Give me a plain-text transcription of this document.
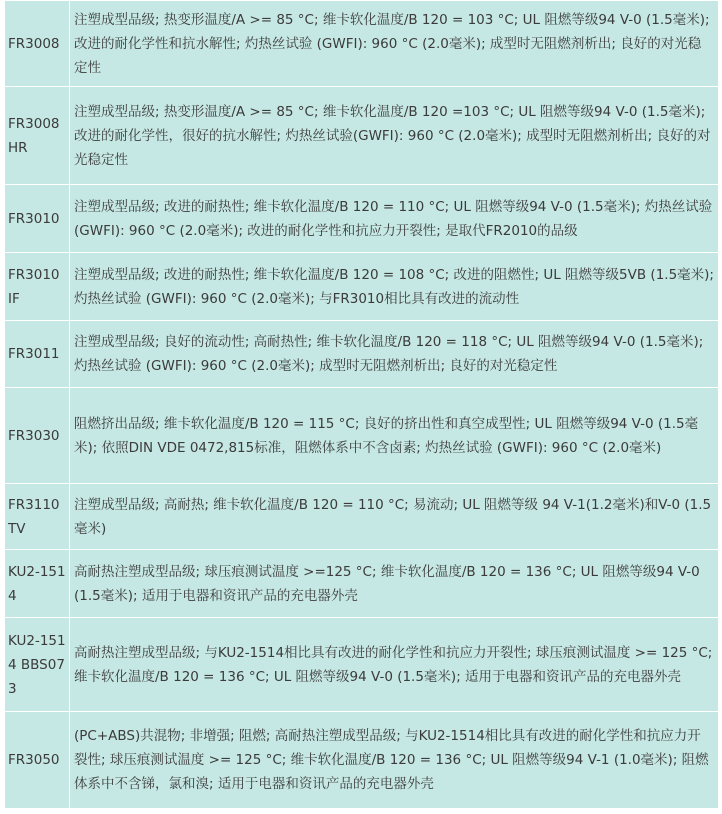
FR3008	注塑成型品级; 热变形温度/A >= 85 °C; 维卡软化温度/B 120 = 103 °C; UL 阻燃等级94 V-0 (1.5毫米); 改进的耐化学性和抗水解性; 灼热丝试验 (GWFI): 960 °C (2.0毫米); 成型时无阻燃剂析出; 良好的对光稳定性
FR3008 HR	注塑成型品级; 热变形温度/A >= 85 °C; 维卡软化温度/B 120 =103 °C; UL 阻燃等级94 V-0 (1.5毫米); 改进的耐化学性，很好的抗水解性; 灼热丝试验(GWFI): 960 °C (2.0毫米); 成型时无阻燃剂析出; 良好的对光稳定性
FR3010	注塑成型品级; 改进的耐热性; 维卡软化温度/B 120 = 110 °C; UL 阻燃等级94 V-0 (1.5毫米); 灼热丝试验 (GWFI): 960 °C (2.0毫米); 改进的耐化学性和抗应力开裂性; 是取代FR2010的品级
FR3010 IF	注塑成型品级; 改进的耐热性; 维卡软化温度/B 120 = 108 °C; 改进的阻燃性; UL 阻燃等级5VB (1.5毫米); 灼热丝试验 (GWFI): 960 °C (2.0毫米); 与FR3010相比具有改进的流动性
FR3011	注塑成型品级; 良好的流动性; 高耐热性; 维卡软化温度/B 120 = 118 °C; UL 阻燃等级94 V-0 (1.5毫米); 灼热丝试验 (GWFI): 960 °C (2.0毫米); 成型时无阻燃剂析出; 良好的对光稳定性
FR3030	阻燃挤出品级; 维卡软化温度/B 120 = 115 °C; 良好的挤出性和真空成型性; UL 阻燃等级94 V-0 (1.5毫米); 依照DIN VDE 0472,815标准，阻燃体系中不含卤素; 灼热丝试验 (GWFI): 960 °C (2.0毫米)
FR3110 TV	注塑成型品级; 高耐热; 维卡软化温度/B 120 = 110 °C; 易流动; UL 阻燃等级 94 V-1(1.2毫米)和V-0 (1.5毫米)
KU2-1514	高耐热注塑成型品级; 球压痕测试温度 >=125 °C; 维卡软化温度/B 120 = 136 °C; UL 阻燃等级94 V-0 (1.5毫米); 适用于电器和资讯产品的充电器外壳
KU2-1514 BBS073	高耐热注塑成型品级; 与KU2-1514相比具有改进的耐化学性和抗应力开裂性; 球压痕测试温度 >= 125 °C; 维卡软化温度/B 120 = 136 °C; UL 阻燃等级94 V-0 (1.5毫米); 适用于电器和资讯产品的充电器外壳
FR3050	(PC+ABS)共混物; 非增强; 阻燃; 高耐热注塑成型品级; 与KU2-1514相比具有改进的耐化学性和抗应力开裂性; 球压痕测试温度 >= 125 °C; 维卡软化温度/B 120 = 136 °C; UL 阻燃等级94 V-1 (1.0毫米); 阻燃体系中不含锑，氯和溴; 适用于电器和资讯产品的充电器外壳
